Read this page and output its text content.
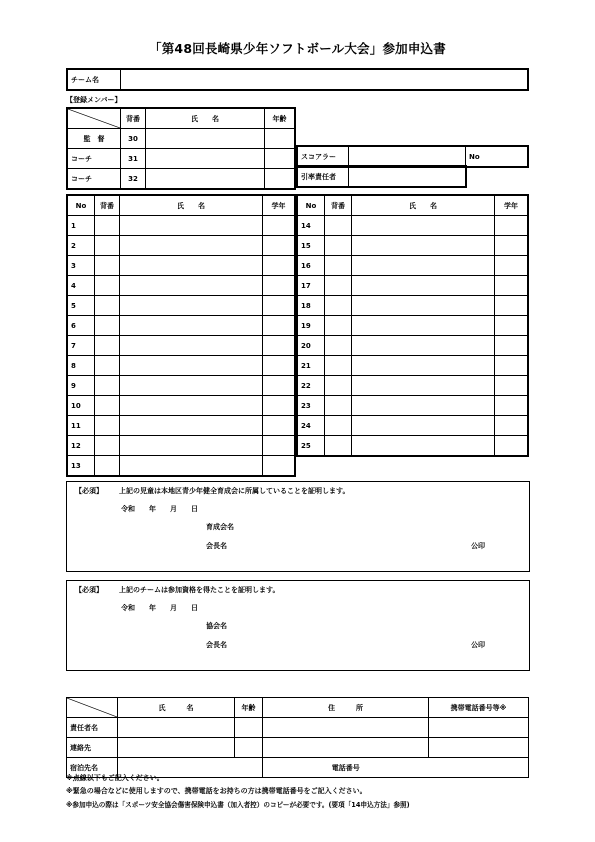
「第48回長崎県少年ソフトボール大会」参加申込書
チーム名	
【登録メンバー】
	背番	氏　　名	年齢
監　督	30		
コーチ	31		
コーチ	32		
スコアラー		No
引率責任者	
No	背番	氏　　名	学年
1			
2			
3			
4			
5			
6			
7			
8			
9			
10			
11			
12			
13			
No	背番	氏　　名	学年
14			
15			
16			
17			
18			
19			
20			
21			
22			
23			
24			
25			
【必須】 上記の児童は本地区青少年健全育成会に所属していることを証明します。
令和　　年　　月　　日
育成会名
会長名	公印
【必須】 上記のチームは参加資格を得たことを証明します。
令和　　年　　月　　日
協会名
会長名	公印
	氏　　　名	年齢	住　　　所	携帯電話番号等※
責任者名				
連絡先				
宿泊先名			電話番号	
※点線以下もご記入ください。
※緊急の場合などに使用しますので、携帯電話をお持ちの方は携帯電話番号をご記入ください。
※参加申込の際は「スポーツ安全協会傷害保険申込書（加入者控）のコピーが必要です。(要項「14申込方法」参照)
